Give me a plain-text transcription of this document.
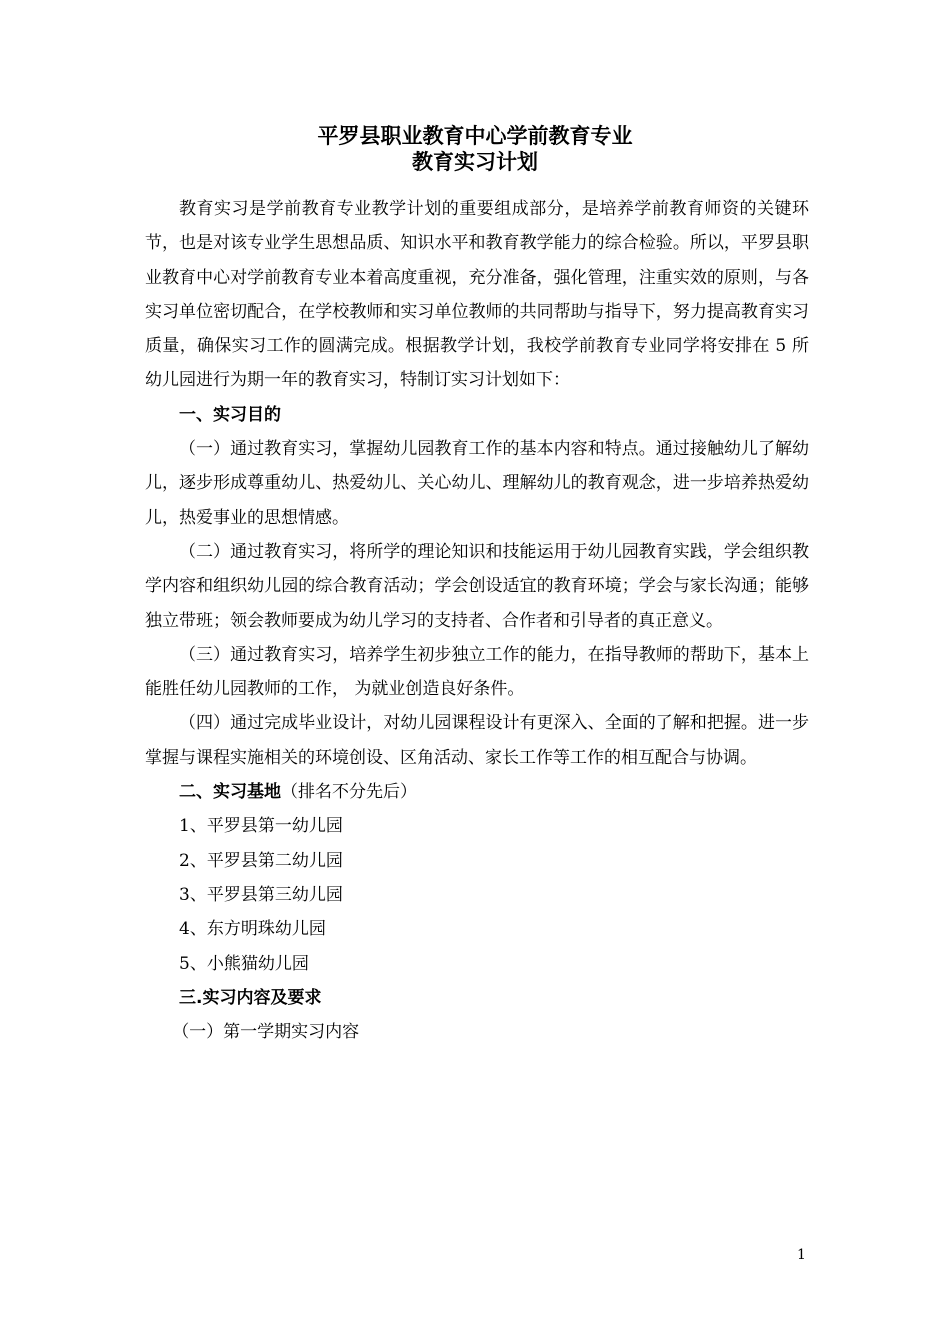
平罗县职业教育中心学前教育专业
教育实习计划

教育实习是学前教育专业教学计划的重要组成部分，是培养学前教育师资的关键环节，也是对该专业学生思想品质、知识水平和教育教学能力的综合检验。所以，平罗县职业教育中心对学前教育专业本着高度重视，充分准备，强化管理，注重实效的原则，与各实习单位密切配合，在学校教师和实习单位教师的共同帮助与指导下，努力提高教育实习质量，确保实习工作的圆满完成。根据教学计划，我校学前教育专业同学将安排在 5 所幼儿园进行为期一年的教育实习，特制订实习计划如下：

一、实习目的

（一）通过教育实习，掌握幼儿园教育工作的基本内容和特点。通过接触幼儿了解幼儿，逐步形成尊重幼儿、热爱幼儿、关心幼儿、理解幼儿的教育观念，进一步培养热爱幼儿，热爱事业的思想情感。

（二）通过教育实习，将所学的理论知识和技能运用于幼儿园教育实践，学会组织教学内容和组织幼儿园的综合教育活动；学会创设适宜的教育环境；学会与家长沟通；能够独立带班；领会教师要成为幼儿学习的支持者、合作者和引导者的真正意义。

（三）通过教育实习，培养学生初步独立工作的能力，在指导教师的帮助下，基本上能胜任幼儿园教师的工作， 为就业创造良好条件。

（四）通过完成毕业设计，对幼儿园课程设计有更深入、全面的了解和把握。进一步掌握与课程实施相关的环境创设、区角活动、家长工作等工作的相互配合与协调。

二、实习基地（排名不分先后）

1、平罗县第一幼儿园

2、平罗县第二幼儿园

3、平罗县第三幼儿园

4、东方明珠幼儿园

5、小熊猫幼儿园

三.实习内容及要求

（一）第一学期实习内容

1
